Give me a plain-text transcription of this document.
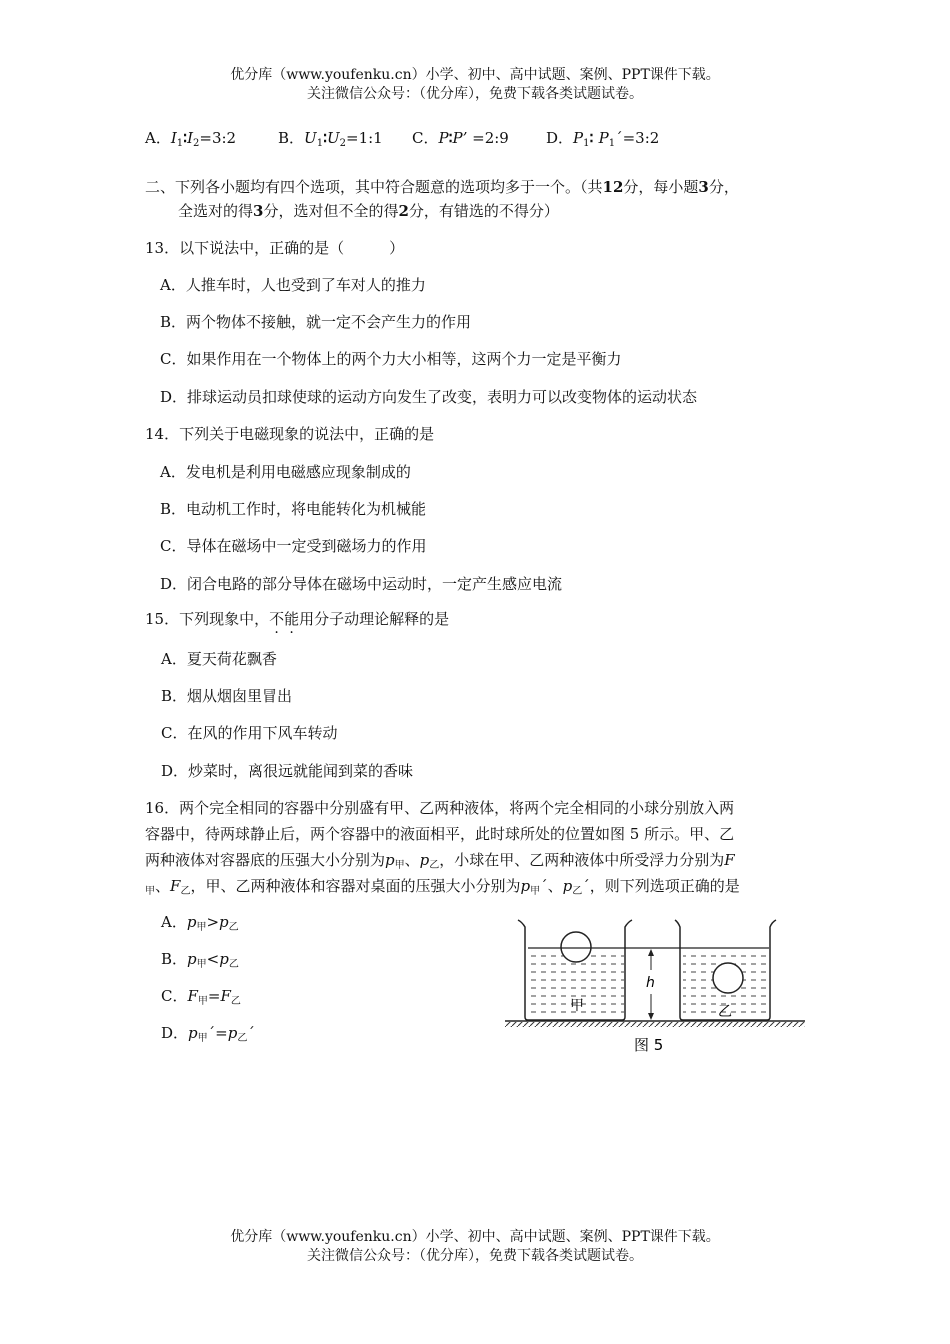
优分库（www.youfenku.cn）小学、初中、高中试题、案例、PPT课件下载。
关注微信公众号：（优分库），免费下载各类试题试卷。
A．$I_1∶I_2=3:2$	B．$U_1∶U_2=1:1$ C．P∶P’ =2:9 D．$P_1∶$ $P_1´=3:2$
二、下列各小题均有四个选项，其中符合题意的选项均多于一个。（共12分，每小题3分，
全选对的得3分，选对但不全的得2分，有错选的不得分）
13．以下说法中，正确的是（　　　）
A．人推车时，人也受到了车对人的推力
B．两个物体不接触，就一定不会产生力的作用
C．如果作用在一个物体上的两个力大小相等，这两个力一定是平衡力
D．排球运动员扣球使球的运动方向发生了改变，表明力可以改变物体的运动状态
14．下列关于电磁现象的说法中，正确的是
A．发电机是利用电磁感应现象制成的
B．电动机工作时，将电能转化为机械能
C．导体在磁场中一定受到磁场力的作用
D．闭合电路的部分导体在磁场中运动时，一定产生感应电流
15．下列现象中，不能用分子动理论解释的是
A．夏天荷花飘香
B．烟从烟囱里冒出
C．在风的作用下风车转动
D．炒菜时，离很远就能闻到菜的香味
16．两个完全相同的容器中分别盛有甲、乙两种液体，将两个完全相同的小球分别放入两
容器中，待两球静止后，两个容器中的液面相平，此时球所处的位置如图 5 所示。甲、乙
两种液体对容器底的压强大小分别为$p_甲$、$p_乙$，小球在甲、乙两种液体中所受浮力分别为F
$_甲$、$F_乙$，甲、乙两种液体和容器对桌面的压强大小分别为$p_甲´$、$p_乙´$，则下列选项正确的是
A．$p_甲>p_乙$
B．$p_甲<p_乙$
C．$F_甲=F_乙$
D．$p_甲´=p_乙´$
甲	乙
h
图 5
优分库（www.youfenku.cn）小学、初中、高中试题、案例、PPT课件下载。
关注微信公众号：（优分库），免费下载各类试题试卷。
